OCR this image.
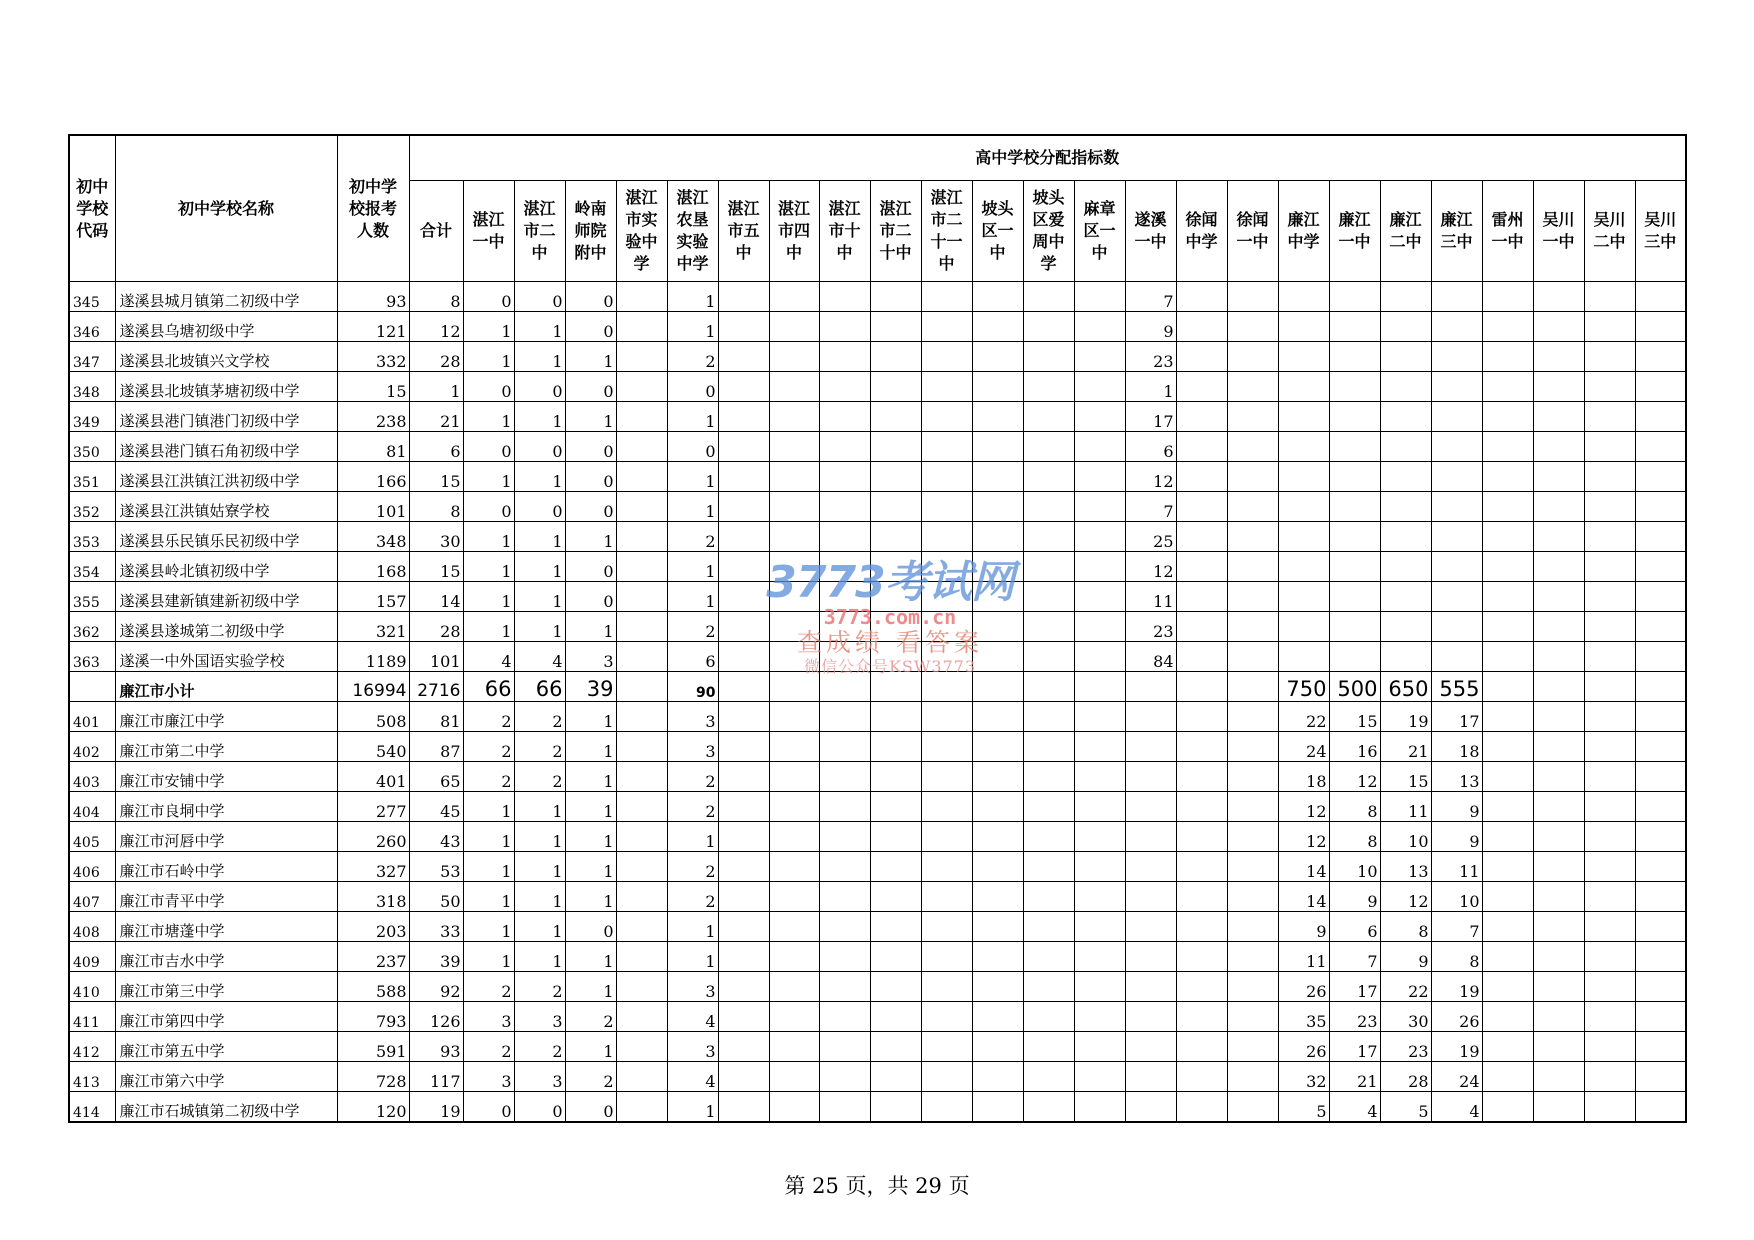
初中学校代码	初中学校名称	初中学校报考人数	高中学校分配指标数																								
			合计	湛江一中	湛江市二中	岭南师院附中	湛江市实验中学	湛江农垦实验中学	湛江市五中	湛江市四中	湛江市十中	湛江市二十中	湛江市二十一中	坡头区一中	坡头区爱周中学	麻章区一中	遂溪一中	徐闻中学	徐闻一中	廉江中学	廉江一中	廉江二中	廉江三中	雷州一中	吴川一中	吴川二中	吴川三中
345	遂溪县城月镇第二初级中学	93	8	0	0	0		1									7										
346	遂溪县乌塘初级中学	121	12	1	1	0		1									9										
347	遂溪县北坡镇兴文学校	332	28	1	1	1		2									23										
348	遂溪县北坡镇茅塘初级中学	15	1	0	0	0		0									1										
349	遂溪县港门镇港门初级中学	238	21	1	1	1		1									17										
350	遂溪县港门镇石角初级中学	81	6	0	0	0		0									6										
351	遂溪县江洪镇江洪初级中学	166	15	1	1	0		1									12										
352	遂溪县江洪镇姑寮学校	101	8	0	0	0		1									7										
353	遂溪县乐民镇乐民初级中学	348	30	1	1	1		2									25										
354	遂溪县岭北镇初级中学	168	15	1	1	0		1									12										
355	遂溪县建新镇建新初级中学	157	14	1	1	0		1									11										
362	遂溪县遂城第二初级中学	321	28	1	1	1		2									23										
363	遂溪一中外国语实验学校	1189	101	4	4	3		6									84										
	廉江市小计	16994	2716	66	66	39		90												750	500	650	555				
401	廉江市廉江中学	508	81	2	2	1		3												22	15	19	17				
402	廉江市第二中学	540	87	2	2	1		3												24	16	21	18				
403	廉江市安铺中学	401	65	2	2	1		2												18	12	15	13				
404	廉江市良垌中学	277	45	1	1	1		2												12	8	11	9				
405	廉江市河唇中学	260	43	1	1	1		1												12	8	10	9				
406	廉江市石岭中学	327	53	1	1	1		2												14	10	13	11				
407	廉江市青平中学	318	50	1	1	1		2												14	9	12	10				
408	廉江市塘蓬中学	203	33	1	1	0		1												9	6	8	7				
409	廉江市吉水中学	237	39	1	1	1		1												11	7	9	8				
410	廉江市第三中学	588	92	2	2	1		3												26	17	22	19				
411	廉江市第四中学	793	126	3	3	2		4												35	23	30	26				
412	廉江市第五中学	591	93	2	2	1		3												26	17	23	19				
413	廉江市第六中学	728	117	3	3	2		4												32	21	28	24				
414	廉江市石城镇第二初级中学	120	19	0	0	0		1												5	4	5	4				
3773考试网
3773.com.cn
查成绩 看答案
微信公众号KSW3773
第 25 页，共 29 页
